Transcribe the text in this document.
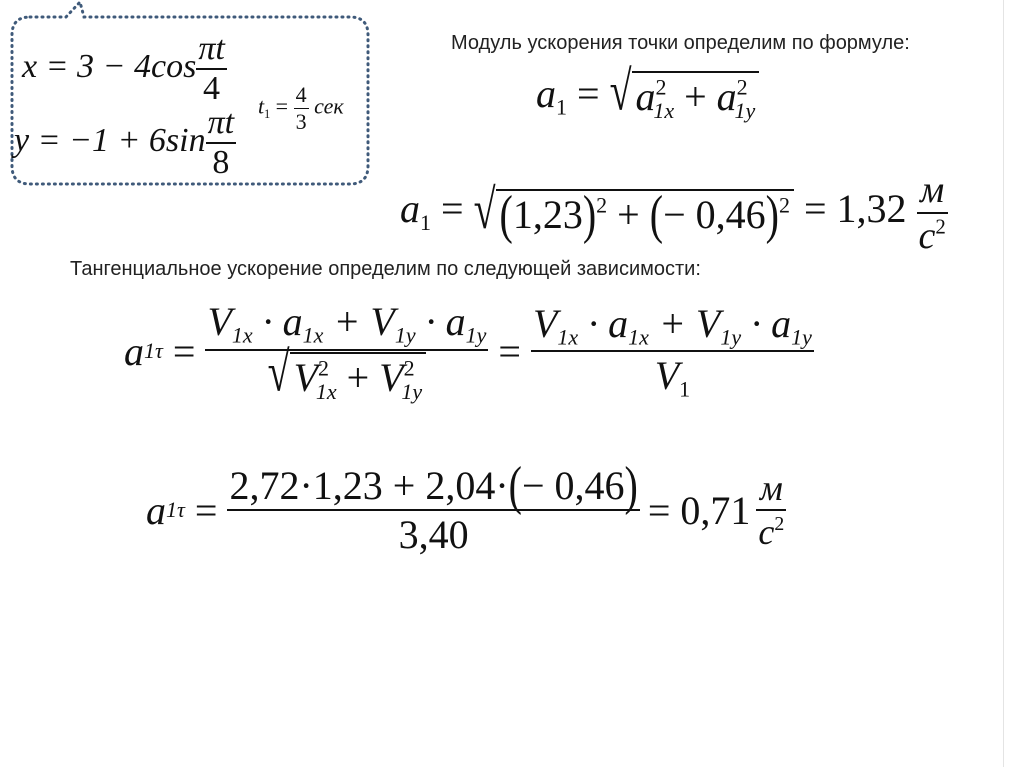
$x = 3 - 4\cos \frac{\pi t}{4} t_1 = \frac{4}{3}$ сек
$y = -1 + 6\sin \frac{\pi t}{8}$
Модуль ускорения точки определим по формуле:
$a_1$ = √ $a^2_{1x} + a^2_{1y}$
$a_1$ = √ $(1,23)^2$ + (− $0,46)^2 = 1,32 \frac{м}{с^2}$
Тангенциальное ускорение определим по следующей зависимости:
a $1\tau = \frac{V_{1x} \cdot a_{1x} + V_{1y} \cdot a_{1y}}{√ V^2_{1x} + V^2_{1y}} = \frac{V_{1x} \cdot a_{1x} + V_{1y} \cdot a_{1y}}{V_1}$
a $1\tau = \frac{2,72\cdot 1,23 + 2,04\cdot(- 0,46)}{3,40} = 0,71 \frac{м}{с^2}$
